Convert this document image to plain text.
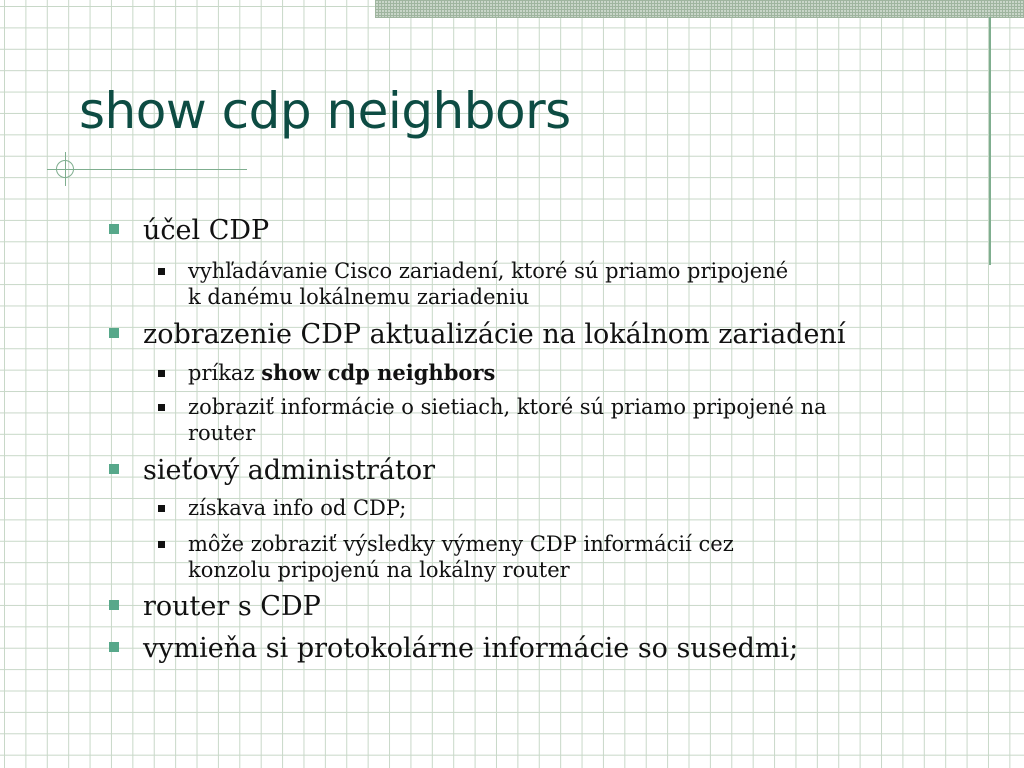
show cdp neighbors
účel CDP
vyhľadávanie Cisco zariadení, ktoré sú priamo pripojené
k danému lokálnemu zariadeniu
zobrazenie CDP aktualizácie na lokálnom zariadení
príkaz show cdp neighbors
zobraziť informácie o sietiach, ktoré sú priamo pripojené na
router
sieťový administrátor
získava info od CDP;
môže zobraziť výsledky výmeny CDP informácií cez
konzolu pripojenú na lokálny router
router s CDP
vymieňa si protokolárne informácie so susedmi;
